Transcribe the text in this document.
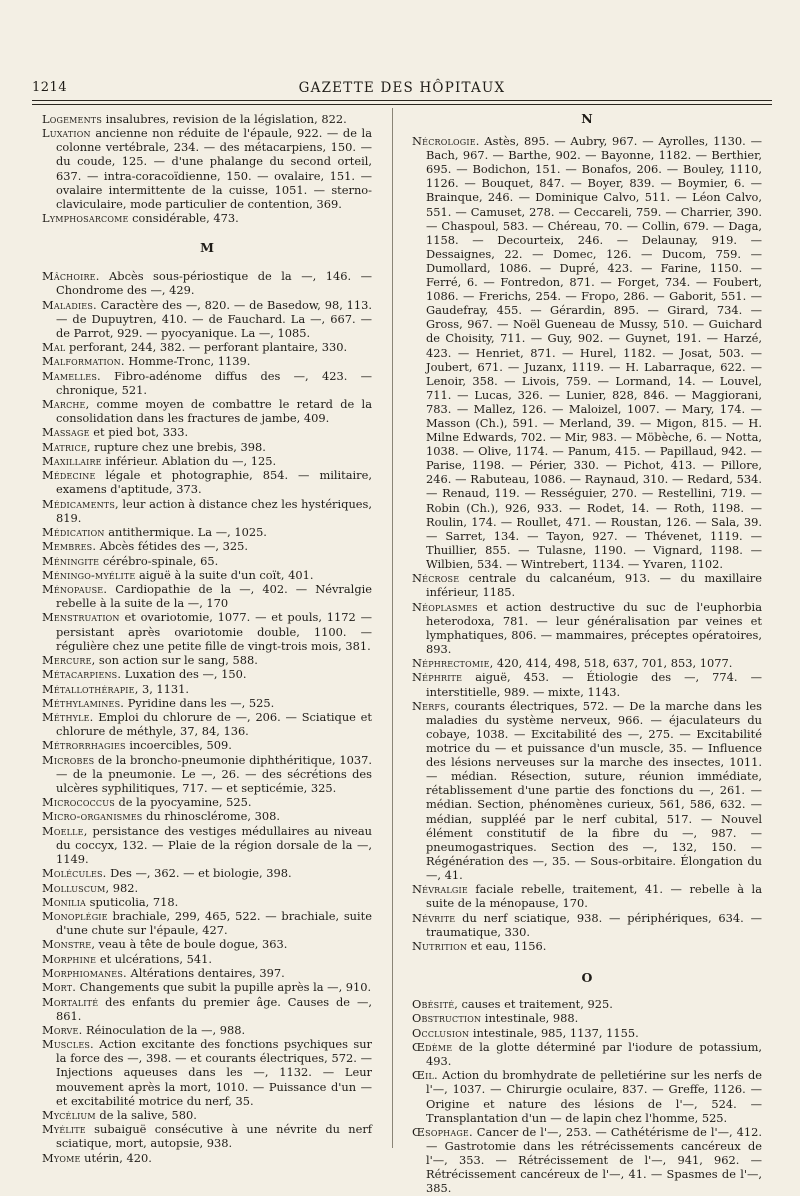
1214	GAZETTE DES HÔPITAUX
Logements insalubres, revision de la législation, 822.
Luxation ancienne non réduite de l'épaule, 922. — de la colonne vertébrale, 234. — des métacarpiens, 150. — du coude, 125. — d'une phalange du second orteil, 637. — intra-coracoïdienne, 150. — ovalaire, 151. — ovalaire intermittente de la cuisse, 1051. — sterno-claviculaire, mode particulier de contention, 369.
Lymphosarcome considérable, 473.
M
Mâchoire. Abcès sous-périostique de la —, 146. — Chondrome des —, 429.
Maladies. Caractère des —, 820. — de Basedow, 98, 113. — de Dupuytren, 410. — de Fauchard. La —, 667. — de Parrot, 929. — pyocyanique. La —, 1085.
Mal perforant, 244, 382. — perforant plantaire, 330.
Malformation. Homme-Tronc, 1139.
Mamelles. Fibro-adénome diffus des —, 423. — chronique, 521.
Marche, comme moyen de combattre le retard de la consolidation dans les fractures de jambe, 409.
Massage et pied bot, 333.
Matrice, rupture chez une brebis, 398.
Maxillaire inférieur. Ablation du —, 125.
Médecine légale et photographie, 854. — militaire, examens d'aptitude, 373.
Médicaments, leur action à distance chez les hystériques, 819.
Médication antithermique. La —, 1025.
Membres. Abcès fétides des —, 325.
Méningite cérébro-spinale, 65.
Méningo-myélite aiguë à la suite d'un coït, 401.
Ménopause. Cardiopathie de la —, 402. — Névralgie rebelle à la suite de la —, 170
Menstruation et ovariotomie, 1077. — et pouls, 1172 — persistant après ovariotomie double, 1100. — régulière chez une petite fille de vingt-trois mois, 381.
Mercure, son action sur le sang, 588.
Métacarpiens. Luxation des —, 150.
Métallothérapie, 3, 1131.
Méthylamines. Pyridine dans les —, 525.
Méthyle. Emploi du chlorure de —, 206. — Sciatique et chlorure de méthyle, 37, 84, 136.
Métrorrhagies incoercibles, 509.
Microbes de la broncho-pneumonie diphthéritique, 1037. — de la pneumonie. Le —, 26. — des sécrétions des ulcères syphilitiques, 717. — et septicémie, 325.
Micrococcus de la pyocyamine, 525.
Micro-organismes du rhinosclérome, 308.
Moelle, persistance des vestiges médullaires au niveau du coccyx, 132. — Plaie de la région dorsale de la —, 1149.
Molécules. Des —, 362. — et biologie, 398.
Molluscum, 982.
Monilia sputicolia, 718.
Monoplégie brachiale, 299, 465, 522. — brachiale, suite d'une chute sur l'épaule, 427.
Monstre, veau à tête de boule dogue, 363.
Morphine et ulcérations, 541.
Morphiomanes. Altérations dentaires, 397.
Mort. Changements que subit la pupille après la —, 910.
Mortalité des enfants du premier âge. Causes de —, 861.
Morve. Réinoculation de la —, 988.
Muscles. Action excitante des fonctions psychiques sur la force des —, 398. — et courants électriques, 572. — Injections aqueuses dans les —, 1132. — Leur mouvement après la mort, 1010. — Puissance d'un — et excitabilité motrice du nerf, 35.
Mycélium de la salive, 580.
Myélite subaiguë consécutive à une névrite du nerf sciatique, mort, autopsie, 938.
Myome utérin, 420.
N
Nécrologie. Astès, 895. — Aubry, 967. — Ayrolles, 1130. — Bach, 967. — Barthe, 902. — Bayonne, 1182. — Berthier, 695. — Bodichon, 151. — Bonafos, 206. — Bouley, 1110, 1126. — Bouquet, 847. — Boyer, 839. — Boymier, 6. — Brainque, 246. — Dominique Calvo, 511. — Léon Calvo, 551. — Camuset, 278. — Ceccareli, 759. — Charrier, 390. — Chaspoul, 583. — Chéreau, 70. — Collin, 679. — Daga, 1158. — Decourteix, 246. — Delaunay, 919. — Dessaignes, 22. — Domec, 126. — Ducom, 759. — Dumollard, 1086. — Dupré, 423. — Farine, 1150. — Ferré, 6. — Fontredon, 871. — Forget, 734. — Foubert, 1086. — Frerichs, 254. — Fropo, 286. — Gaborit, 551. — Gaudefray, 455. — Gérardin, 895. — Girard, 734. — Gross, 967. — Noël Gueneau de Mussy, 510. — Guichard de Choisity, 711. — Guy, 902. — Guynet, 191. — Harzé, 423. — Henriet, 871. — Hurel, 1182. — Josat, 503. — Joubert, 671. — Juzanx, 1119. — H. Labarraque, 622. — Lenoir, 358. — Livois, 759. — Lormand, 14. — Louvel, 711. — Lucas, 326. — Lunier, 828, 846. — Maggiorani, 783. — Mallez, 126. — Maloizel, 1007. — Mary, 174. — Masson (Ch.), 591. — Merland, 39. — Migon, 815. — H. Milne Edwards, 702. — Mir, 983. — Möbèche, 6. — Notta, 1038. — Olive, 1174. — Panum, 415. — Papillaud, 942. — Parise, 1198. — Périer, 330. — Pichot, 413. — Pillore, 246. — Rabuteau, 1086. — Raynaud, 310. — Redard, 534. — Renaud, 119. — Rességuier, 270. — Restellini, 719. — Robin (Ch.), 926, 933. — Rodet, 14. — Roth, 1198. — Roulin, 174. — Roullet, 471. — Roustan, 126. — Sala, 39. — Sarret, 134. — Tayon, 927. — Thévenet, 1119. — Thuillier, 855. — Tulasne, 1190. — Vignard, 1198. — Wilbien, 534. — Wintrebert, 1134. — Yvaren, 1102.
Nécrose centrale du calcanéum, 913. — du maxillaire inférieur, 1185.
Néoplasmes et action destructive du suc de l'euphorbia heterodoxa, 781. — leur généralisation par veines et lymphatiques, 806. — mammaires, préceptes opératoires, 893.
Néphrectomie, 420, 414, 498, 518, 637, 701, 853, 1077.
Néphrite aiguë, 453. — Étiologie des —, 774. — interstitielle, 989. — mixte, 1143.
Nerfs, courants électriques, 572. — De la marche dans les maladies du système nerveux, 966. — éjaculateurs du cobaye, 1038. — Excitabilité des —, 275. — Excitabilité motrice du — et puissance d'un muscle, 35. — Influence des lésions nerveuses sur la marche des insectes, 1011. — médian. Résection, suture, réunion immédiate, rétablissement d'une partie des fonctions du —, 261. — médian. Section, phénomènes curieux, 561, 586, 632. — médian, suppléé par le nerf cubital, 517. — Nouvel élément constitutif de la fibre du —, 987. — pneumogastriques. Section des —, 132, 150. — Régénération des —, 35. — Sous-orbitaire. Élongation du —, 41.
Névralgie faciale rebelle, traitement, 41. — rebelle à la suite de la ménopause, 170.
Névrite du nerf sciatique, 938. — périphériques, 634. — traumatique, 330.
Nutrition et eau, 1156.
O
Obésité, causes et traitement, 925.
Obstruction intestinale, 988.
Occlusion intestinale, 985, 1137, 1155.
Œdème de la glotte déterminé par l'iodure de potassium, 493.
Œil. Action du bromhydrate de pelletiérine sur les nerfs de l'—, 1037. — Chirurgie oculaire, 837. — Greffe, 1126. — Origine et nature des lésions de l'—, 524. — Transplantation d'un — de lapin chez l'homme, 525.
Œsophage. Cancer de l'—, 253. — Cathétérisme de l'—, 412. — Gastrotomie dans les rétrécissements cancéreux de l'—, 353. — Rétrécissement de l'—, 941, 962. — Rétrécissement cancéreux de l'—, 41. — Spasmes de l'—, 385.
